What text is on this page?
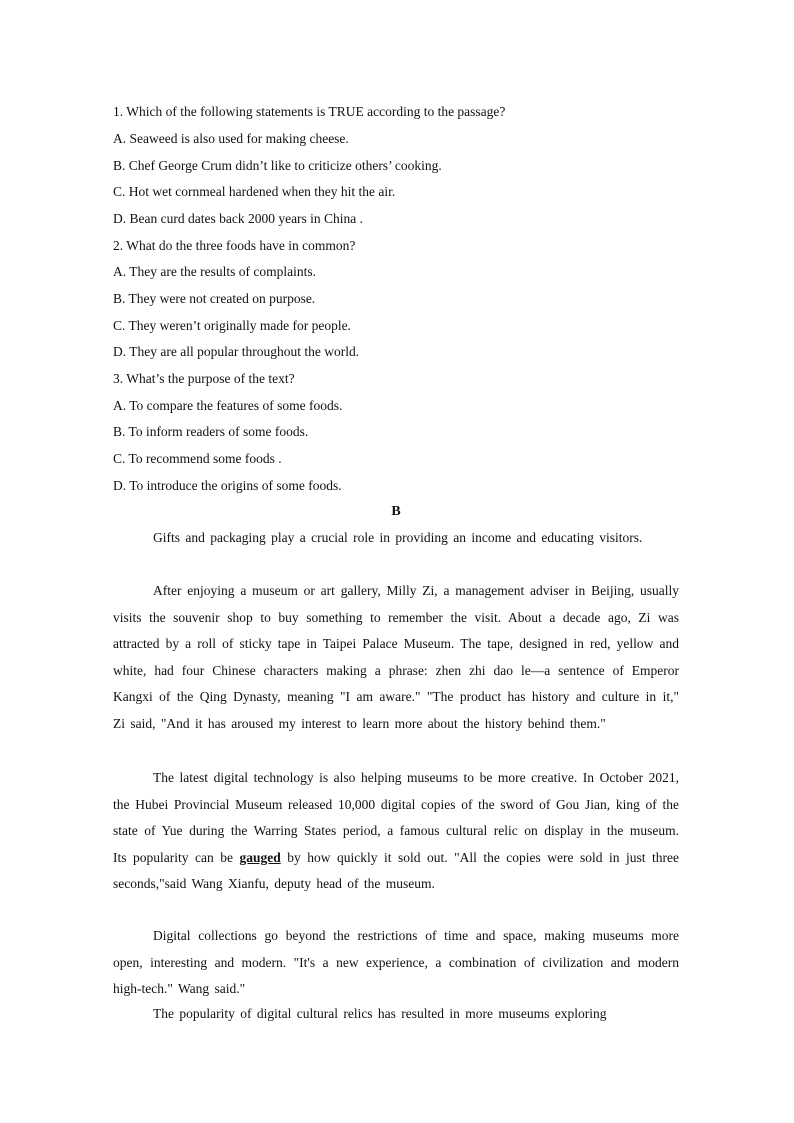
1. Which of the following statements is TRUE according to the passage?
A. Seaweed is also used for making cheese.
B. Chef George Crum didn’t like to criticize others’ cooking.
C. Hot wet cornmeal hardened when they hit the air.
D. Bean curd dates back 2000 years in China .
2. What do the three foods have in common?
A. They are the results of complaints.
B. They were not created on purpose.
C. They weren’t originally made for people.
D. They are all popular throughout the world.
3. What’s the purpose of the text?
A. To compare the features of some foods.
B. To inform readers of some foods.
C. To recommend some foods .
D. To introduce the origins of some foods.
B

Gifts and packaging play a crucial role in providing an income and educating visitors.

After enjoying a museum or art gallery, Milly Zi, a management adviser in Beijing, usually visits the souvenir shop to buy something to remember the visit. About a decade ago, Zi was attracted by a roll of sticky tape in Taipei Palace Museum. The tape, designed in red, yellow and white, had four Chinese characters making a phrase: zhen zhi dao le—a sentence of Emperor Kangxi of the Qing Dynasty, meaning "I am aware." "The product has history and culture in it," Zi said, "And it has aroused my interest to learn more about the history behind them."

The latest digital technology is also helping museums to be more creative. In October 2021, the Hubei Provincial Museum released 10,000 digital copies of the sword of Gou Jian, king of the state of Yue during the Warring States period, a famous cultural relic on display in the museum. Its popularity can be gauged by how quickly it sold out. "All the copies were sold in just three seconds,"said Wang Xianfu, deputy head of the museum.

Digital collections go beyond the restrictions of time and space, making museums more open, interesting and modern. "It's a new experience, a combination of civilization and modern high-tech." Wang said."

The popularity of digital cultural relics has resulted in more museums exploring
